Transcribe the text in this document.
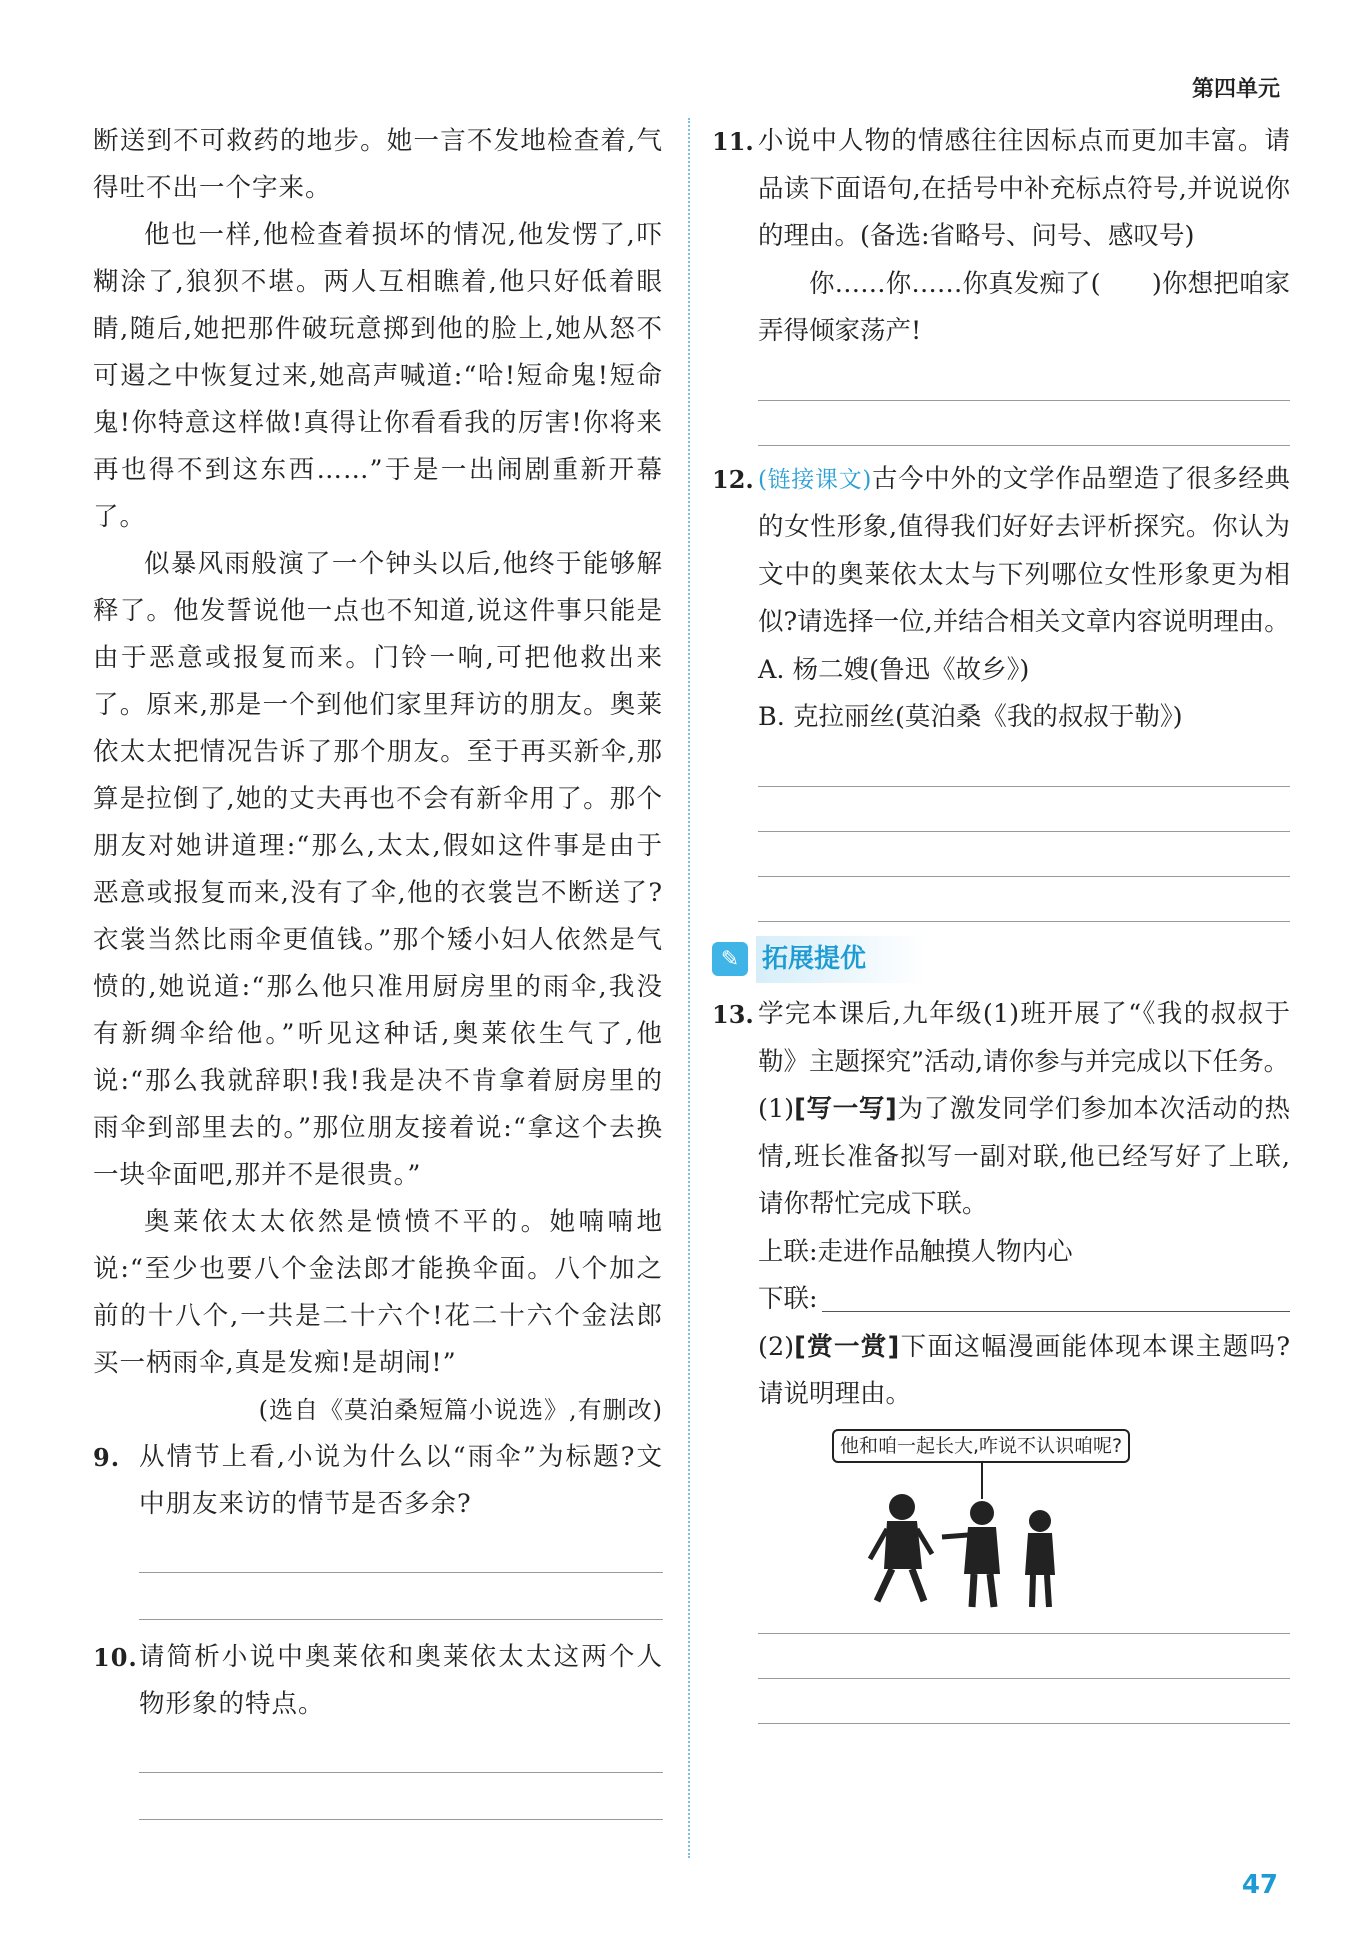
第四单元

断送到不可救药的地步。她一言不发地检查着,气得吐不出一个字来。

他也一样,他检查着损坏的情况,他发愣了,吓糊涂了,狼狈不堪。两人互相瞧着,他只好低着眼睛,随后,她把那件破玩意掷到他的脸上,她从怒不可遏之中恢复过来,她高声喊道:“哈!短命鬼!短命鬼!你特意这样做!真得让你看看我的厉害!你将来再也得不到这东西……”于是一出闹剧重新开幕了。

似暴风雨般演了一个钟头以后,他终于能够解释了。他发誓说他一点也不知道,说这件事只能是由于恶意或报复而来。门铃一响,可把他救出来了。原来,那是一个到他们家里拜访的朋友。奥莱依太太把情况告诉了那个朋友。至于再买新伞,那算是拉倒了,她的丈夫再也不会有新伞用了。那个朋友对她讲道理:“那么,太太,假如这件事是由于恶意或报复而来,没有了伞,他的衣裳岂不断送了?衣裳当然比雨伞更值钱。”那个矮小妇人依然是气愤的,她说道:“那么他只准用厨房里的雨伞,我没有新绸伞给他。”听见这种话,奥莱依生气了,他说:“那么我就辞职!我!我是决不肯拿着厨房里的雨伞到部里去的。”那位朋友接着说:“拿这个去换一块伞面吧,那并不是很贵。”

奥莱依太太依然是愤愤不平的。她喃喃地说:“至少也要八个金法郎才能换伞面。八个加之前的十八个,一共是二十六个!花二十六个金法郎买一柄雨伞,真是发痴!是胡闹!”

(选自《莫泊桑短篇小说选》,有删改)

9. 从情节上看,小说为什么以“雨伞”为标题?文中朋友来访的情节是否多余?

10. 请简析小说中奥莱依和奥莱依太太这两个人物形象的特点。

11. 小说中人物的情感往往因标点而更加丰富。请品读下面语句,在括号中补充标点符号,并说说你的理由。(备选:省略号、问号、感叹号)

你……你……你真发痴了(　　)你想把咱家弄得倾家荡产!

12. (链接课文)古今中外的文学作品塑造了很多经典的女性形象,值得我们好好去评析探究。你认为文中的奥莱依太太与下列哪位女性形象更为相似?请选择一位,并结合相关文章内容说明理由。

A. 杨二嫂(鲁迅《故乡》)

B. 克拉丽丝(莫泊桑《我的叔叔于勒》)

✎ 拓展提优
13. 学完本课后,九年级(1)班开展了“《我的叔叔于勒》主题探究”活动,请你参与并完成以下任务。

(1)[写一写]为了激发同学们参加本次活动的热情,班长准备拟写一副对联,他已经写好了上联,请你帮忙完成下联。

上联:走进作品触摸人物内心

下联:

(2)[赏一赏]下面这幅漫画能体现本课主题吗?请说明理由。

他和咱一起长大,咋说不认识咱呢?
47
